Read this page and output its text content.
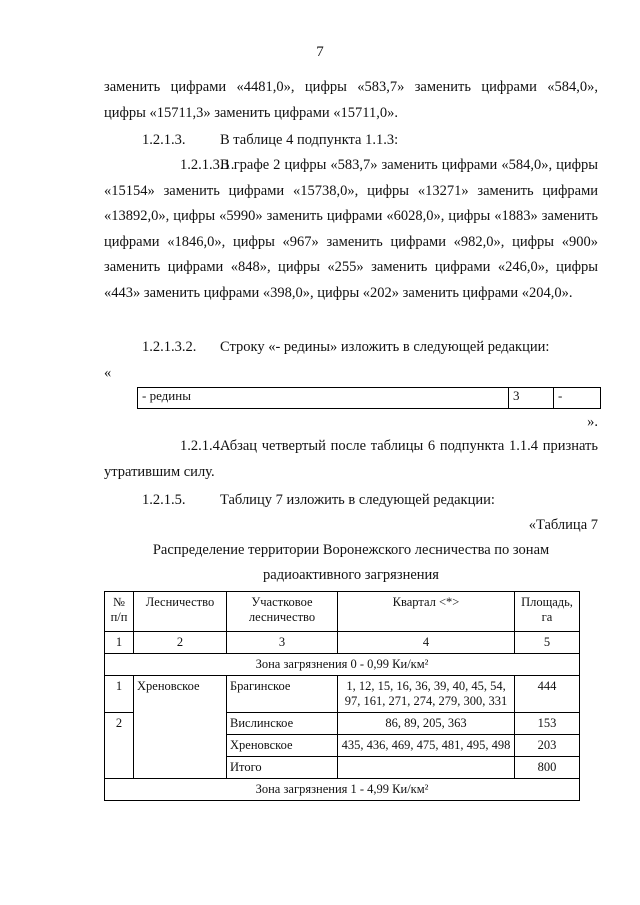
7
заменить цифрами «4481,0», цифры «583,7» заменить цифрами «584,0»,
цифры «15711,3» заменить цифрами «15711,0».
1.2.1.3. В таблице 4 подпункта 1.1.3:
1.2.1.3.1.В графе 2 цифры «583,7» заменить цифрами «584,0», цифры «15154» заменить цифрами «15738,0», цифры «13271» заменить цифрами «13892,0», цифры «5990» заменить цифрами «6028,0», цифры «1883» заменить цифрами «1846,0», цифры «967» заменить цифрами «982,0», цифры «900» заменить цифрами «848», цифры «255» заменить цифрами «246,0», цифры «443» заменить цифрами «398,0», цифры «202» заменить цифрами «204,0».
1.2.1.3.2. Строку «- редины» изложить в следующей редакции:
«
- редины	3	-
».
1.2.1.4.Абзац четвертый после таблицы 6 подпункта 1.1.4 признать утратившим силу.
1.2.1.5. Таблицу 7 изложить в следующей редакции:
«Таблица 7
Распределение территории Воронежского лесничества по зонам
радиоактивного загрязнения
№ п/п	Лесничество	Участковое лесничество	Квартал <*>	Площадь, га
1	2	3	4	5
Зона загрязнения 0 - 0,99 Ки/км²				
1	Хреновское	Брагинское	1, 12, 15, 16, 36, 39, 40, 45, 54, 97, 161, 271, 274, 279, 300, 331	444
2		Вислинское	86, 89, 205, 363	153
		Хреновское	435, 436, 469, 475, 481, 495, 498	203
		Итого		800
Зона загрязнения 1 - 4,99 Ки/км²				
